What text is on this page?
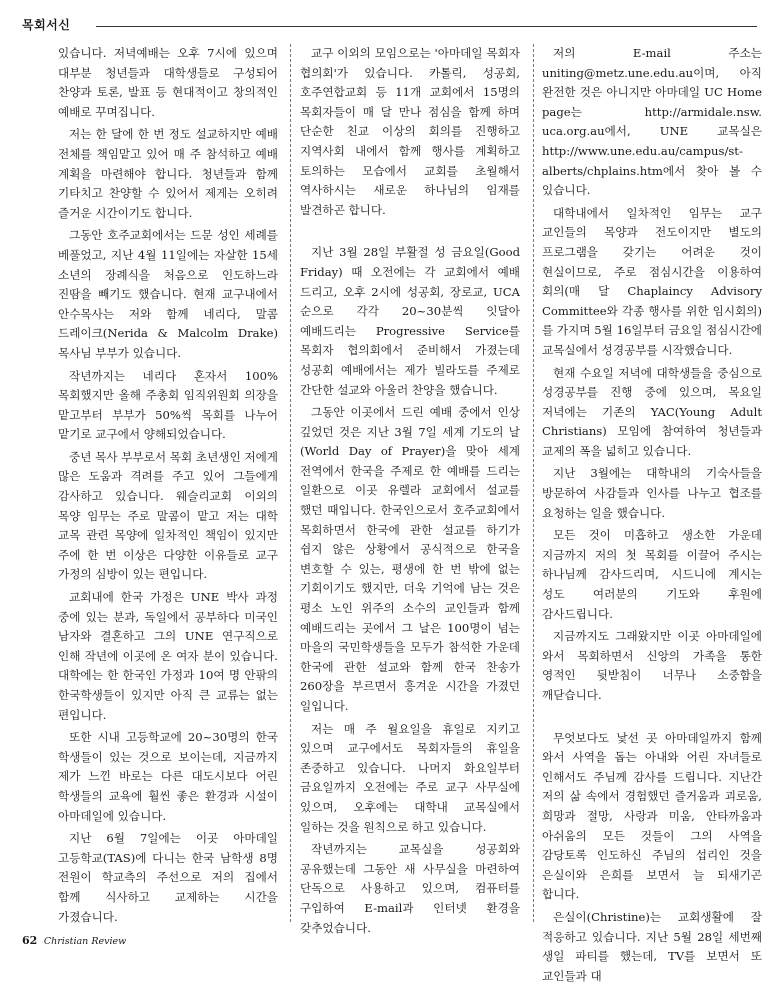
목회서신

있습니다. 저녁예배는 오후 7시에 있으며 대부분 청년들과 대학생들로 구성되어 찬양과 토론, 발표 등 현대적이고 창의적인 예배로 꾸며집니다.

저는 한 달에 한 번 정도 설교하지만 예배 전체를 책임맡고 있어 매 주 참석하고 예배 계획을 마련해야 합니다. 청년들과 함께 기타치고 찬양할 수 있어서 제게는 오히려 즐거운 시간이기도 합니다.

그동안 호주교회에서는 드문 성인 세례를 베풀었고, 지난 4월 11일에는 자살한 15세 소년의 장례식을 처음으로 인도하느라 진땀을 빼기도 했습니다. 현재 교구내에서 안수목사는 저와 함께 네리다, 말콤 드레이크(Nerida & Malcolm Drake)목사님 부부가 있습니다.

작년까지는 네리다 혼자서 100% 목회했지만 올해 주총회 임직위원회 의장을 맡고부터 부부가 50%씩 목회를 나누어 맡기로 교구에서 양해되었습니다.

중년 목사 부부로서 목회 초년생인 저에게 많은 도움과 격려를 주고 있어 그들에게 감사하고 있습니다. 웨슬리교회 이외의 목양 임무는 주로 말콤이 맡고 저는 대학 교목 관련 목양에 일차적인 책임이 있지만 주에 한 번 이상은 다양한 이유들로 교구 가정의 심방이 있는 편입니다.

교회내에 한국 가정은 UNE 박사 과정 중에 있는 분과, 독일에서 공부하다 미국인 남자와 결혼하고 그의 UNE 연구직으로 인해 작년에 이곳에 온 여자 분이 있습니다. 대학에는 한 한국인 가정과 10여 명 안팎의 한국학생들이 있지만 아직 큰 교류는 없는 편입니다.

또한 시내 고등학교에 20~30명의 한국 학생들이 있는 것으로 보이는데, 지금까지 제가 느낀 바로는 다른 대도시보다 어린 학생들의 교육에 훨씬 좋은 환경과 시설이 아마데일에 있습니다.

지난 6월 7일에는 이곳 아마데일 고등학교(TAS)에 다니는 한국 남학생 8명 전원이 학교측의 주선으로 저의 집에서 함께 식사하고 교제하는 시간을 가졌습니다.

교구 이외의 모임으로는 '아마데일 목회자 협의회'가 있습니다. 카톨릭, 성공회, 호주연합교회 등 11개 교회에서 15명의 목회자들이 매 달 만나 점심을 함께 하며 단순한 친교 이상의 회의를 진행하고 지역사회 내에서 함께 행사를 계획하고 토의하는 모습에서 교회를 초월해서 역사하시는 새로운 하나님의 임재를 발견하곤 합니다.

지난 3월 28일 부활절 성 금요일(Good Friday) 때 오전에는 각 교회에서 예배 드리고, 오후 2시에 성공회, 장로교, UCA 순으로 각각 20~30분씩 잇달아 예배드리는 Progressive Service를 목회자 협의회에서 준비해서 가졌는데 성공회 예배에서는 제가 빌라도를 주제로 간단한 설교와 아울러 찬양을 했습니다.

그동안 이곳에서 드린 예배 중에서 인상 깊었던 것은 지난 3월 7일 세계 기도의 날(World Day of Prayer)을 맞아 세계 전역에서 한국을 주제로 한 예배를 드리는 일환으로 이곳 유렐라 교회에서 설교를 했던 때입니다. 한국인으로서 호주교회에서 목회하면서 한국에 관한 설교를 하기가 쉽지 않은 상황에서 공식적으로 한국을 변호할 수 있는, 평생에 한 번 밖에 없는 기회이기도 했지만, 더욱 기억에 남는 것은 평소 노인 위주의 소수의 교인들과 함께 예배드리는 곳에서 그 날은 100명이 넘는 마을의 국민학생들을 모두가 참석한 가운데 한국에 관한 설교와 함께 한국 찬송가 260장을 부르면서 흥겨운 시간을 가졌던 일입니다.

저는 매 주 월요일을 휴일로 지키고 있으며 교구에서도 목회자들의 휴일을 존중하고 있습니다. 나머지 화요일부터 금요일까지 오전에는 주로 교구 사무실에 있으며, 오후에는 대학내 교목실에서 일하는 것을 원칙으로 하고 있습니다.

작년까지는 교목실을 성공회와 공유했는데 그동안 새 사무실을 마련하여 단독으로 사용하고 있으며, 컴퓨터를 구입하여 E-mail과 인터넷 환경을 갖추었습니다.

저의 E-mail 주소는 uniting@metz.une.edu.au이며, 아직 완전한 것은 아니지만 아마데일 UC Home page는 http://armidale.nsw. uca.org.au에서, UNE 교목실은 http://www.une.edu.au/campus/st-alberts/chplains.htm에서 찾아 볼 수 있습니다.

대학내에서 일차적인 임무는 교구 교인들의 목양과 전도이지만 별도의 프로그램을 갖기는 어려운 것이 현실이므로, 주로 점심시간을 이용하여 회의(매 달 Chaplaincy Advisory Committee와 각종 행사를 위한 임시회의)를 가지며 5월 16일부터 금요일 점심시간에 교목실에서 성경공부를 시작했습니다.

현재 수요일 저녁에 대학생들을 중심으로 성경공부를 진행 중에 있으며, 목요일 저녁에는 기존의 YAC(Young Adult Christians) 모임에 참여하여 청년들과 교제의 폭을 넓히고 있습니다.

지난 3월에는 대학내의 기숙사들을 방문하여 사감들과 인사를 나누고 협조를 요청하는 일을 했습니다.

모든 것이 미흡하고 생소한 가운데 지금까지 저의 첫 목회를 이끌어 주시는 하나님께 감사드리며, 시드니에 계시는 성도 여러분의 기도와 후원에 감사드립니다.

지금까지도 그래왔지만 이곳 아마데일에 와서 목회하면서 신앙의 가족을 통한 영적인 뒷받침이 너무나 소중함을 깨닫습니다.

무엇보다도 낯선 곳 아마데일까지 함께 와서 사역을 돕는 아내와 어린 자녀들로 인해서도 주님께 감사를 드립니다. 지난간 저의 삶 속에서 경험했던 즐거움과 괴로움, 희망과 절망, 사랑과 미움, 안타까움과 아쉬움의 모든 것들이 그의 사역을 감당토록 인도하신 주님의 섭리인 것을 은실이와 은희를 보면서 늘 되새기곤 합니다.

은실이(Christine)는 교회생활에 잘 적응하고 있습니다. 지난 5월 28일 세번째 생일 파티를 했는데, TV를 보면서 또 교인들과 대

62 Christian Review
